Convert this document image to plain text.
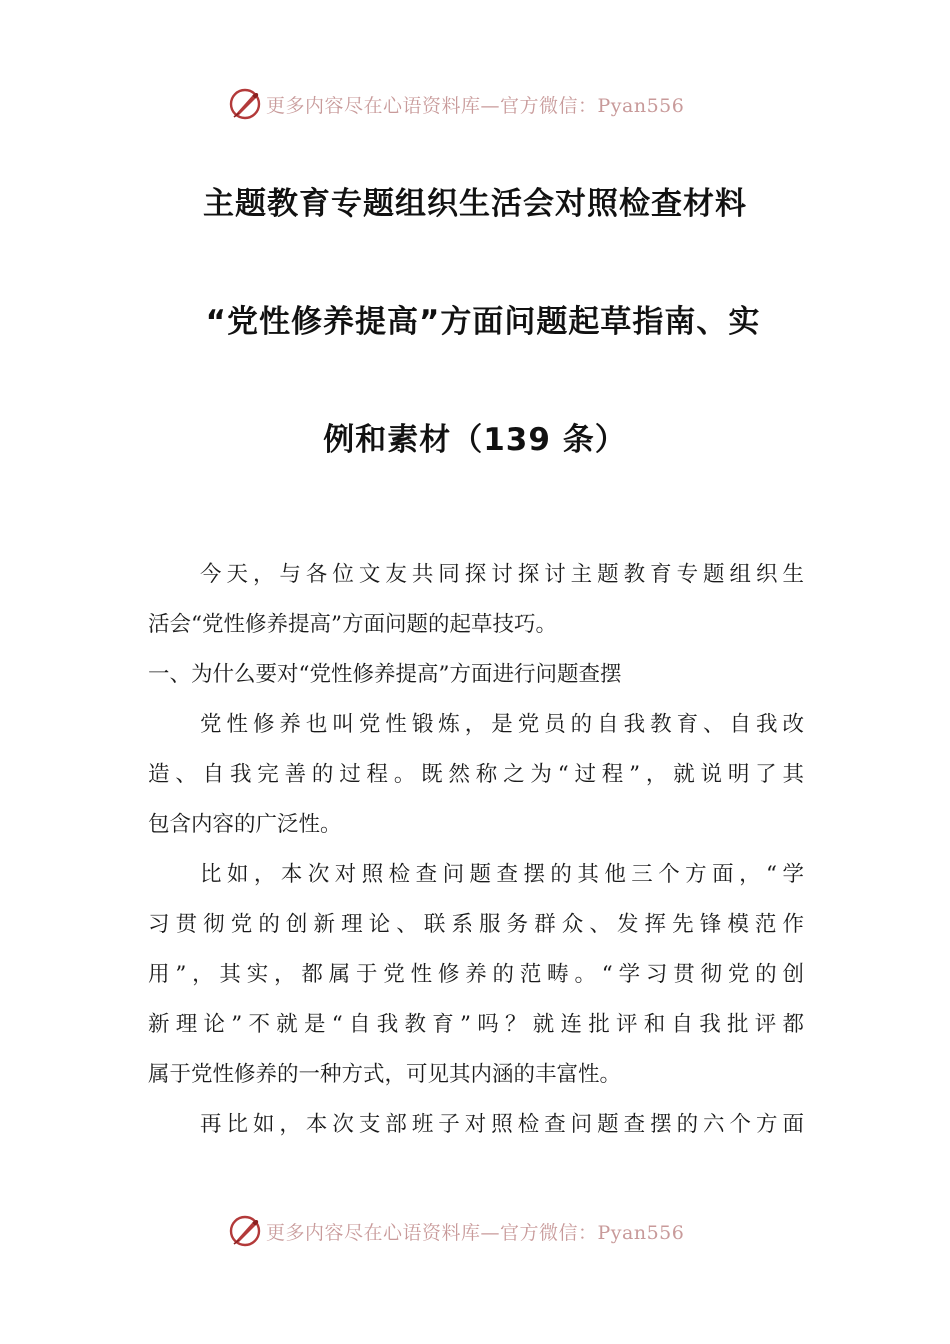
更多内容尽在心语资料库—官方微信：Pyan556
主题教育专题组织生活会对照检查材料
“党性修养提高”方面问题起草指南、实
例和素材（139 条）
今天，与各位文友共同探讨探讨主题教育专题组织生
活会“党性修养提高”方面问题的起草技巧。
一、为什么要对“党性修养提高”方面进行问题查摆
党性修养也叫党性锻炼，是党员的自我教育、自我改
造、自我完善的过程。既然称之为“过程”，就说明了其
包含内容的广泛性。
比如，本次对照检查问题查摆的其他三个方面，“学
习贯彻党的创新理论、联系服务群众、发挥先锋模范作
用”，其实，都属于党性修养的范畴。“学习贯彻党的创
新理论”不就是“自我教育”吗？就连批评和自我批评都
属于党性修养的一种方式，可见其内涵的丰富性。
再比如，本次支部班子对照检查问题查摆的六个方面
更多内容尽在心语资料库—官方微信：Pyan556
